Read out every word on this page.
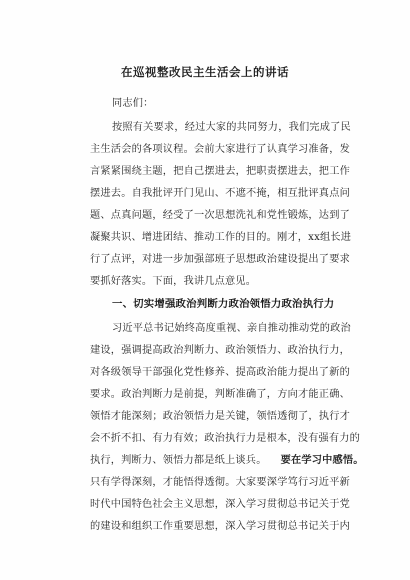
在巡视整改民主生活会上的讲话
同志们：
按照有关要求，经过大家的共同努力，我们完成了民
主生活会的各项议程。会前大家进行了认真学习准备，发
言紧紧围绕主题，把自己摆进去，把职责摆进去，把工作
摆进去。自我批评开门见山、不遮不掩，相互批评真点问
题、点真问题，经受了一次思想洗礼和党性锻炼，达到了
凝聚共识、增进团结、推动工作的目的。刚才，xx组长进
行了点评，对进一步加强部班子思想政治建设提出了要求
要抓好落实。下面，我讲几点意见。
一、切实增强政治判断力政治领悟力政治执行力
习近平总书记始终高度重视、亲自推动推动党的政治
建设，强调提高政治判断力、政治领悟力、政治执行力，
对各级领导干部强化党性修养、提高政治能力提出了新的
要求。政治判断力是前提，判断准确了，方向才能正确、
领悟才能深刻；政治领悟力是关键，领悟透彻了，执行才
会不折不扣、有力有效；政治执行力是根本，没有强有力的
执行，判断力、领悟力都是纸上谈兵。 要在学习中感悟。
只有学得深刻，才能悟得透彻。大家要深学笃行习近平新
时代中国特色社会主义思想，深入学习贯彻总书记关于党
的建设和组织工作重要思想，深入学习贯彻总书记关于内
